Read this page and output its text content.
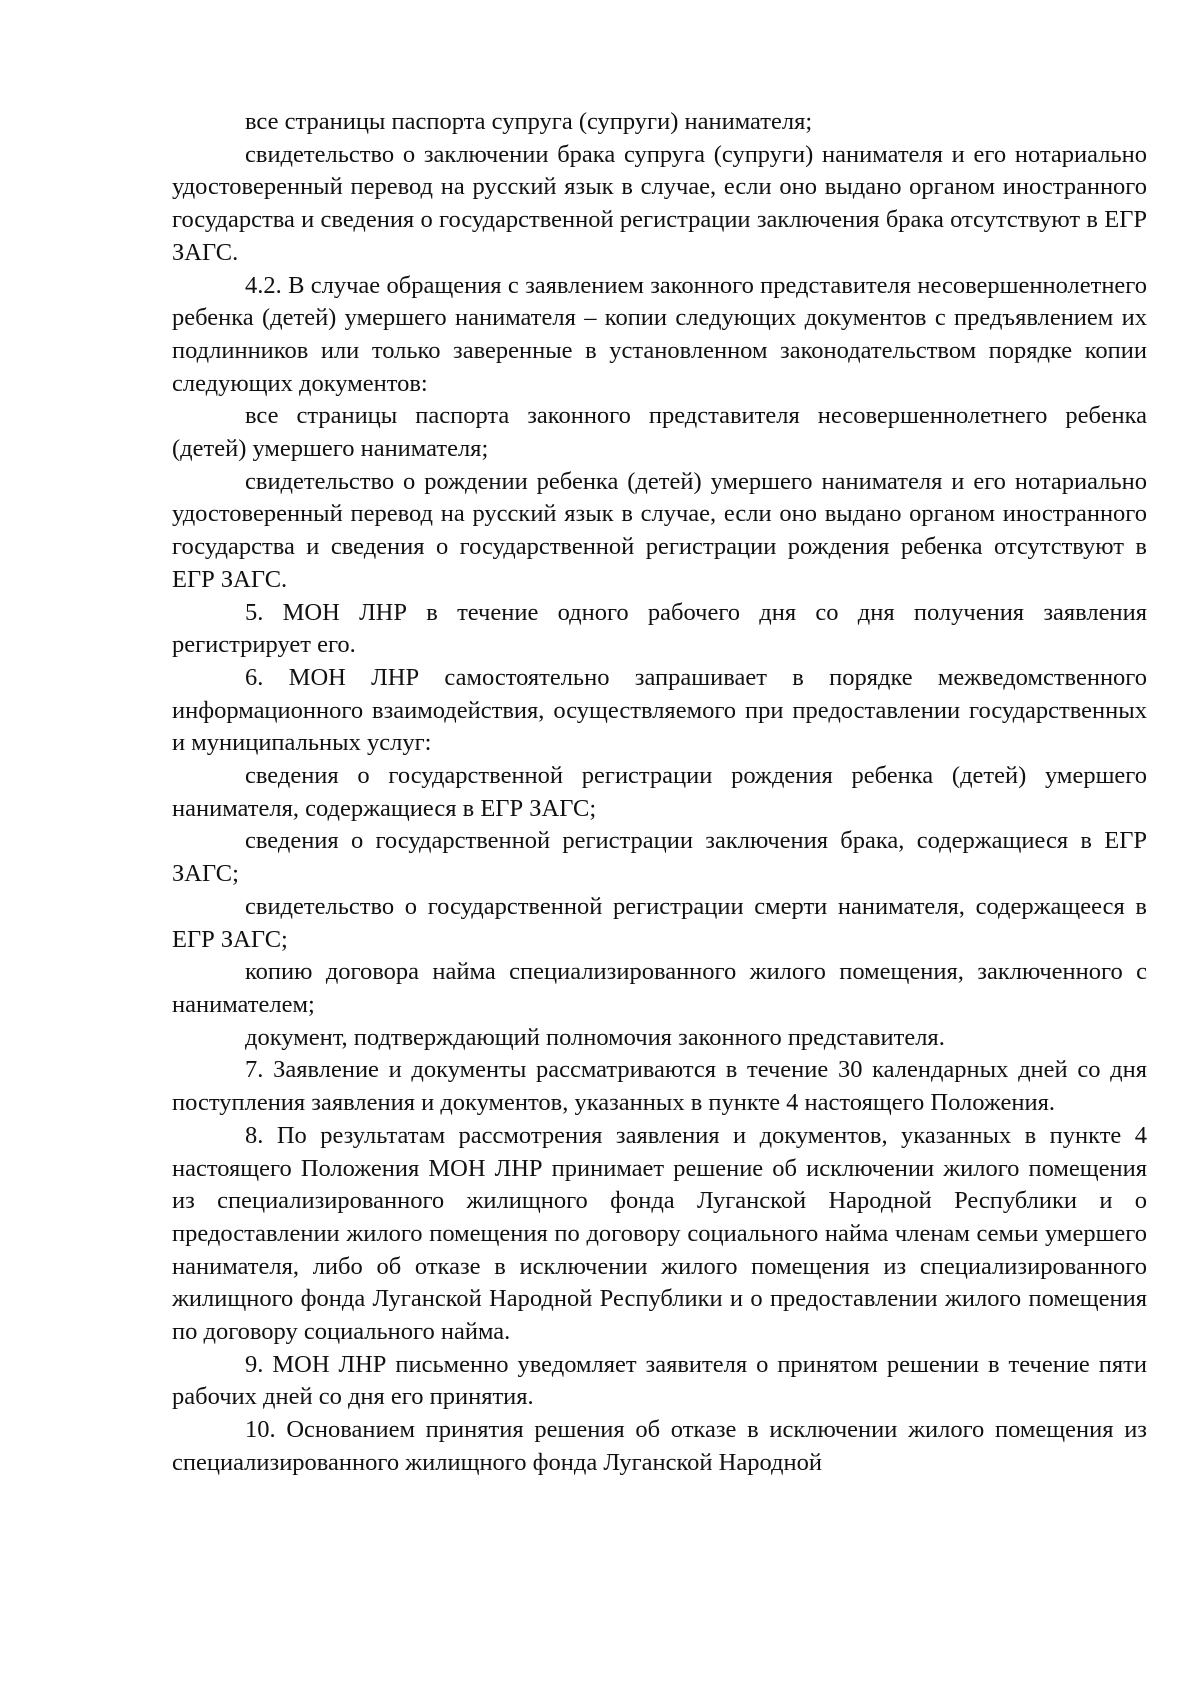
все страницы паспорта супруга (супруги) нанимателя;

свидетельство о заключении брака супруга (супруги) нанимателя и его нотариально удостоверенный перевод на русский язык в случае, если оно выдано органом иностранного государства и сведения о государственной регистрации заключения брака отсутствуют в ЕГР ЗАГС.

4.2. В случае обращения с заявлением законного представителя несовершеннолетнего ребенка (детей) умершего нанимателя – копии следующих документов с предъявлением их подлинников или только заверенные в установленном законодательством порядке копии следующих документов:

все страницы паспорта законного представителя несовершеннолетнего ребенка (детей) умершего нанимателя;

свидетельство о рождении ребенка (детей) умершего нанимателя и его нотариально удостоверенный перевод на русский язык в случае, если оно выдано органом иностранного государства и сведения о государственной регистрации рождения ребенка отсутствуют в ЕГР ЗАГС.

5. МОН ЛНР в течение одного рабочего дня со дня получения заявления регистрирует его.

6. МОН ЛНР самостоятельно запрашивает в порядке межведомственного информационного взаимодействия, осуществляемого при предоставлении государственных и муниципальных услуг:

сведения о государственной регистрации рождения ребенка (детей) умершего нанимателя, содержащиеся в ЕГР ЗАГС;

сведения о государственной регистрации заключения брака, содержащиеся в ЕГР ЗАГС;

свидетельство о государственной регистрации смерти нанимателя, содержащееся в ЕГР ЗАГС;

копию договора найма специализированного жилого помещения, заключенного с нанимателем;

документ, подтверждающий полномочия законного представителя.

7. Заявление и документы рассматриваются в течение 30 календарных дней со дня поступления заявления и документов, указанных в пункте 4 настоящего Положения.

8. По результатам рассмотрения заявления и документов, указанных в пункте 4 настоящего Положения МОН ЛНР принимает решение об исключении жилого помещения из специализированного жилищного фонда Луганской Народной Республики и о предоставлении жилого помещения по договору социального найма членам семьи умершего нанимателя, либо об отказе в исключении жилого помещения из специализированного жилищного фонда Луганской Народной Республики и о предоставлении жилого помещения по договору социального найма.

9. МОН ЛНР письменно уведомляет заявителя о принятом решении в течение пяти рабочих дней со дня его принятия.

10. Основанием принятия решения об отказе в исключении жилого помещения из специализированного жилищного фонда Луганской Народной
